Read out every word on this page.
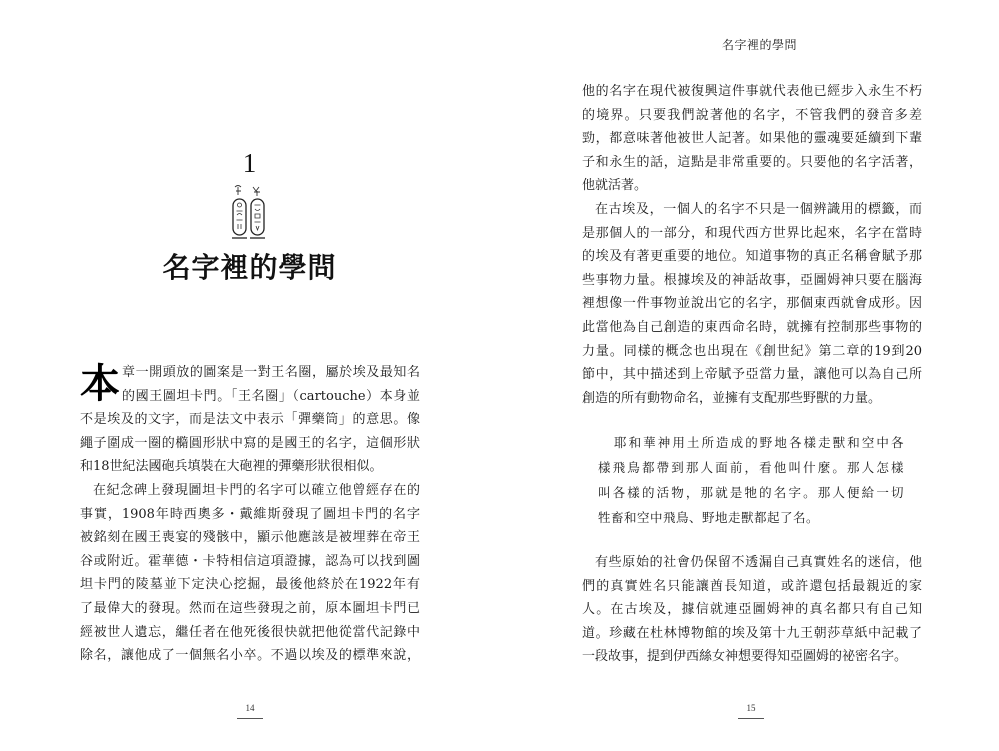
1
名字裡的學問
本 章一開頭放的圖案是一對王名圈，屬於埃及最知名
的國王圖坦卡門。「王名圈」（cartouche）本身並
不是埃及的文字，而是法文中表示「彈藥筒」的意思。像
繩子圍成一圈的橢圓形狀中寫的是國王的名字，這個形狀
和18世紀法國砲兵填裝在大砲裡的彈藥形狀很相似。
在紀念碑上發現圖坦卡門的名字可以確立他曾經存在的
事實，1908年時西奧多・戴維斯發現了圖坦卡門的名字
被銘刻在國王喪宴的殘骸中，顯示他應該是被埋葬在帝王
谷或附近。霍華德・卡特相信這項證據，認為可以找到圖
坦卡門的陵墓並下定決心挖掘，最後他終於在1922年有
了最偉大的發現。然而在這些發現之前，原本圖坦卡門已
經被世人遺忘，繼任者在他死後很快就把他從當代記錄中
除名，讓他成了一個無名小卒。不過以埃及的標準來說，
14
名字裡的學問
他的名字在現代被復興這件事就代表他已經步入永生不朽
的境界。只要我們說著他的名字，不管我們的發音多差
勁，都意味著他被世人記著。如果他的靈魂要延續到下輩
子和永生的話，這點是非常重要的。只要他的名字活著，
他就活著。
在古埃及，一個人的名字不只是一個辨識用的標籤，而
是那個人的一部分，和現代西方世界比起來，名字在當時
的埃及有著更重要的地位。知道事物的真正名稱會賦予那
些事物力量。根據埃及的神話故事，亞圖姆神只要在腦海
裡想像一件事物並說出它的名字，那個東西就會成形。因
此當他為自己創造的東西命名時，就擁有控制那些事物的
力量。同樣的概念也出現在《創世紀》第二章的19到20
節中，其中描述到上帝賦予亞當力量，讓他可以為自己所
創造的所有動物命名，並擁有支配那些野獸的力量。
耶和華神用土所造成的野地各樣走獸和空中各
樣飛鳥都帶到那人面前，看他叫什麼。那人怎樣
叫各樣的活物，那就是牠的名字。那人便給一切
牲畜和空中飛鳥、野地走獸都起了名。
有些原始的社會仍保留不透漏自己真實姓名的迷信，他
們的真實姓名只能讓酋長知道，或許還包括最親近的家
人。在古埃及，據信就連亞圖姆神的真名都只有自己知
道。珍藏在杜林博物館的埃及第十九王朝莎草紙中記載了
一段故事，提到伊西絲女神想要得知亞圖姆的祕密名字。
15
